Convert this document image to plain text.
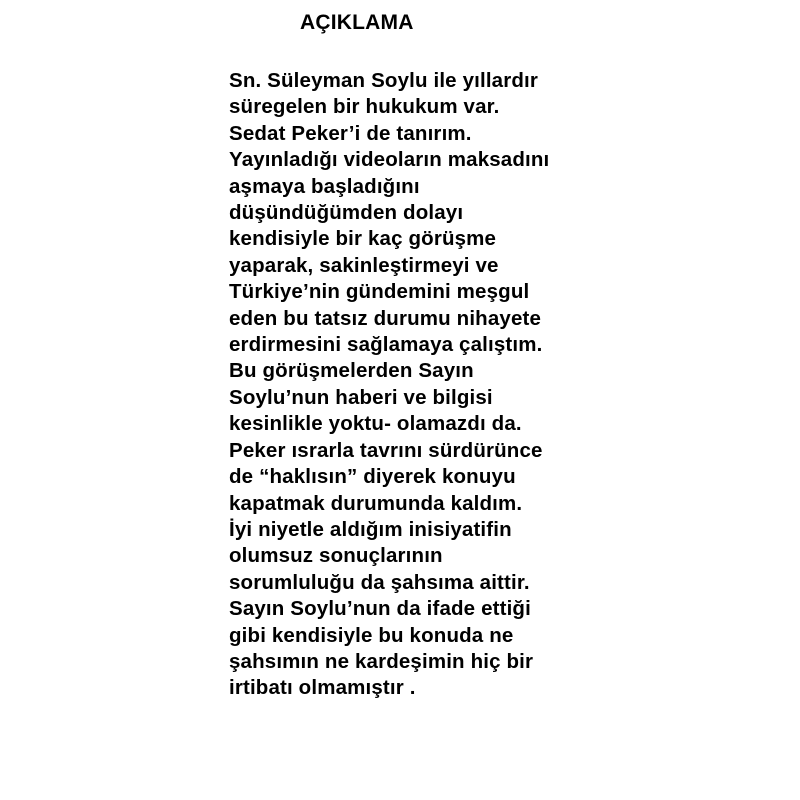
AÇIKLAMA
Sn. Süleyman Soylu ile yıllardır
süregelen bir hukukum var.
Sedat Peker’i de tanırım.
Yayınladığı videoların maksadını
aşmaya başladığını
düşündüğümden dolayı
kendisiyle bir kaç görüşme
yaparak, sakinleştirmeyi ve
Türkiye’nin gündemini meşgul
eden bu tatsız durumu nihayete
erdirmesini sağlamaya çalıştım.
Bu görüşmelerden Sayın
Soylu’nun haberi ve bilgisi
kesinlikle yoktu- olamazdı da.
Peker ısrarla tavrını sürdürünce
de “haklısın” diyerek konuyu
kapatmak durumunda kaldım.
İyi niyetle aldığım inisiyatifin
olumsuz sonuçlarının
sorumluluğu da şahsıma aittir.
Sayın Soylu’nun da ifade ettiği
gibi kendisiyle bu konuda ne
şahsımın ne kardeşimin hiç bir
irtibatı olmamıştır .
